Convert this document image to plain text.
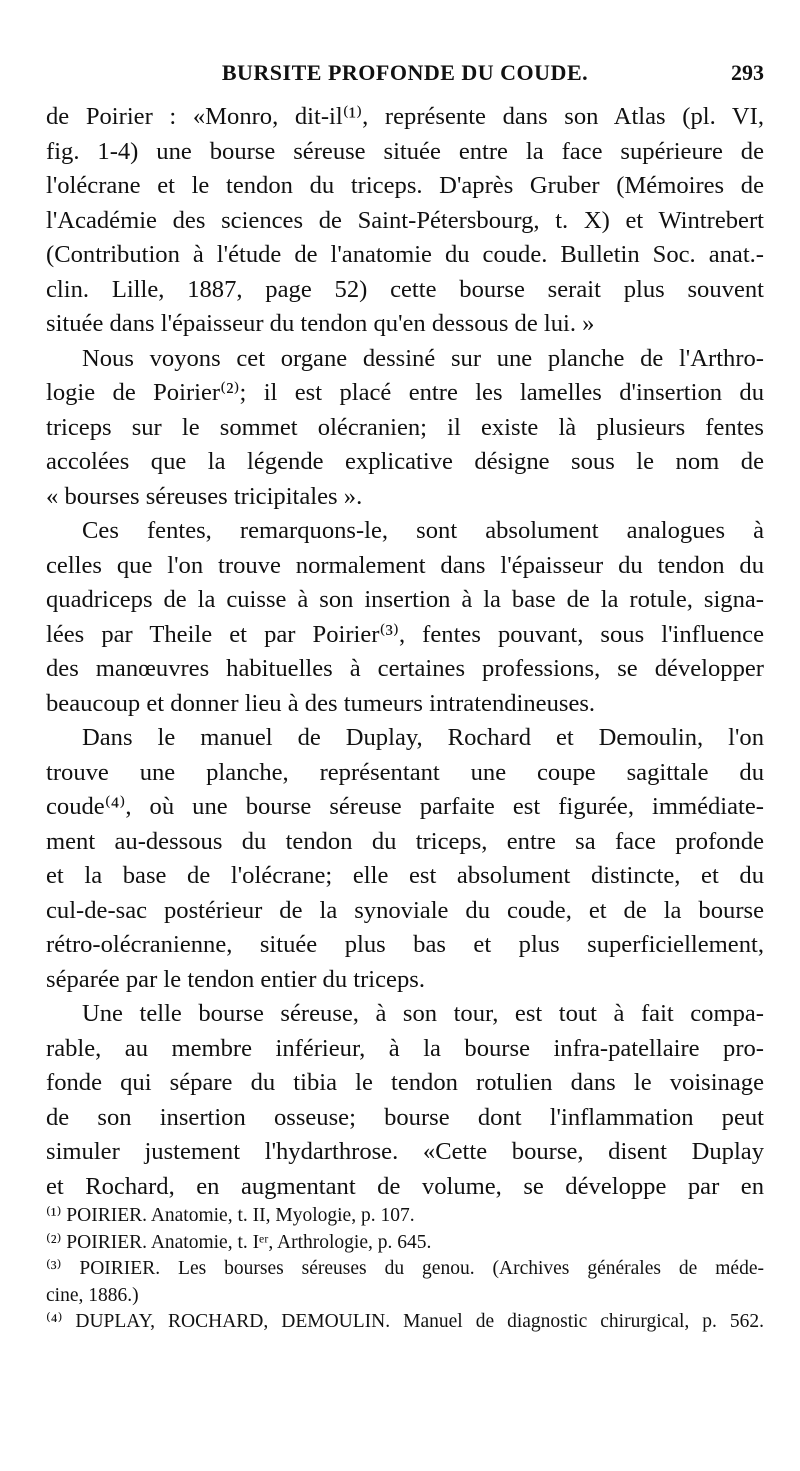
BURSITE PROFONDE DU COUDE.	293
de Poirier : «Monro, dit-il⁽¹⁾, représente dans son Atlas (pl. VI,
fig. 1-4) une bourse séreuse située entre la face supérieure de
l'olécrane et le tendon du triceps. D'après Gruber (Mémoires de
l'Académie des sciences de Saint-Pétersbourg, t. X) et Wintrebert
(Contribution à l'étude de l'anatomie du coude. Bulletin Soc. anat.-
clin. Lille, 1887, page 52) cette bourse serait plus souvent
située dans l'épaisseur du tendon qu'en dessous de lui. »
Nous voyons cet organe dessiné sur une planche de l'Arthro-
logie de Poirier⁽²⁾; il est placé entre les lamelles d'insertion du
triceps sur le sommet olécranien; il existe là plusieurs fentes
accolées que la légende explicative désigne sous le nom de
« bourses séreuses tricipitales ».
Ces fentes, remarquons-le, sont absolument analogues à
celles que l'on trouve normalement dans l'épaisseur du tendon du
quadriceps de la cuisse à son insertion à la base de la rotule, signa-
lées par Theile et par Poirier⁽³⁾, fentes pouvant, sous l'influence
des manœuvres habituelles à certaines professions, se développer
beaucoup et donner lieu à des tumeurs intratendineuses.
Dans le manuel de Duplay, Rochard et Demoulin, l'on
trouve une planche, représentant une coupe sagittale du
coude⁽⁴⁾, où une bourse séreuse parfaite est figurée, immédiate-
ment au-dessous du tendon du triceps, entre sa face profonde
et la base de l'olécrane; elle est absolument distincte, et du
cul-de-sac postérieur de la synoviale du coude, et de la bourse
rétro-olécranienne, située plus bas et plus superficiellement,
séparée par le tendon entier du triceps.
Une telle bourse séreuse, à son tour, est tout à fait compa-
rable, au membre inférieur, à la bourse infra-patellaire pro-
fonde qui sépare du tibia le tendon rotulien dans le voisinage
de son insertion osseuse; bourse dont l'inflammation peut
simuler justement l'hydarthrose. «Cette bourse, disent Duplay
et Rochard, en augmentant de volume, se développe par en
⁽¹⁾ POIRIER. Anatomie, t. II, Myologie, p. 107.
⁽²⁾ POIRIER. Anatomie, t. Iᵉʳ, Arthrologie, p. 645.
⁽³⁾ POIRIER. Les bourses séreuses du genou. (Archives générales de méde-
cine, 1886.)
⁽⁴⁾ DUPLAY, ROCHARD, DEMOULIN. Manuel de diagnostic chirurgical, p. 562.
